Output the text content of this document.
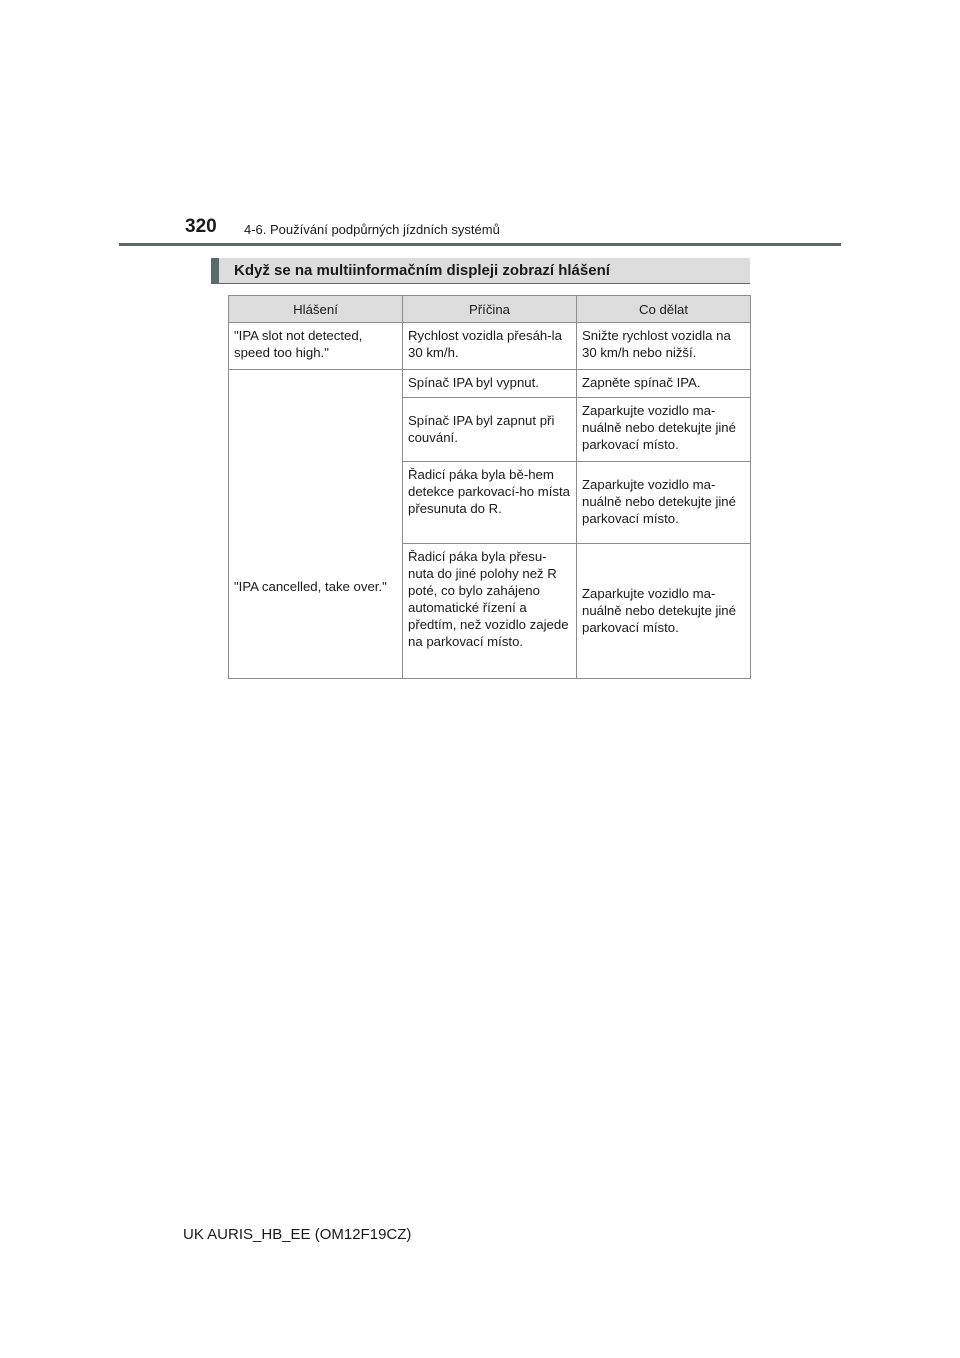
320 4-6. Používání podpůrných jízdních systémů
Když se na multiinformačním displeji zobrazí hlášení
Hlášení	Příčina	Co dělat
"IPA slot not detected, speed too high."	Rychlost vozidla přesáh-la 30 km/h.	Snižte rychlost vozidla na 30 km/h nebo nižší.
"IPA cancelled, take over."	Spínač IPA byl vypnut.	Zapněte spínač IPA.
	Spínač IPA byl zapnut při couvání.	Zaparkujte vozidlo ma-nuálně nebo detekujte jiné parkovací místo.
	Řadicí páka byla bě-hem detekce parkovací-ho místa přesunuta do R.	Zaparkujte vozidlo ma-nuálně nebo detekujte jiné parkovací místo.
	Řadicí páka byla přesu-nuta do jiné polohy než R poté, co bylo zahájeno automatické řízení a předtím, než vozidlo zajede na parkovací místo.	Zaparkujte vozidlo ma-nuálně nebo detekujte jiné parkovací místo.
UK AURIS_HB_EE (OM12F19CZ)
